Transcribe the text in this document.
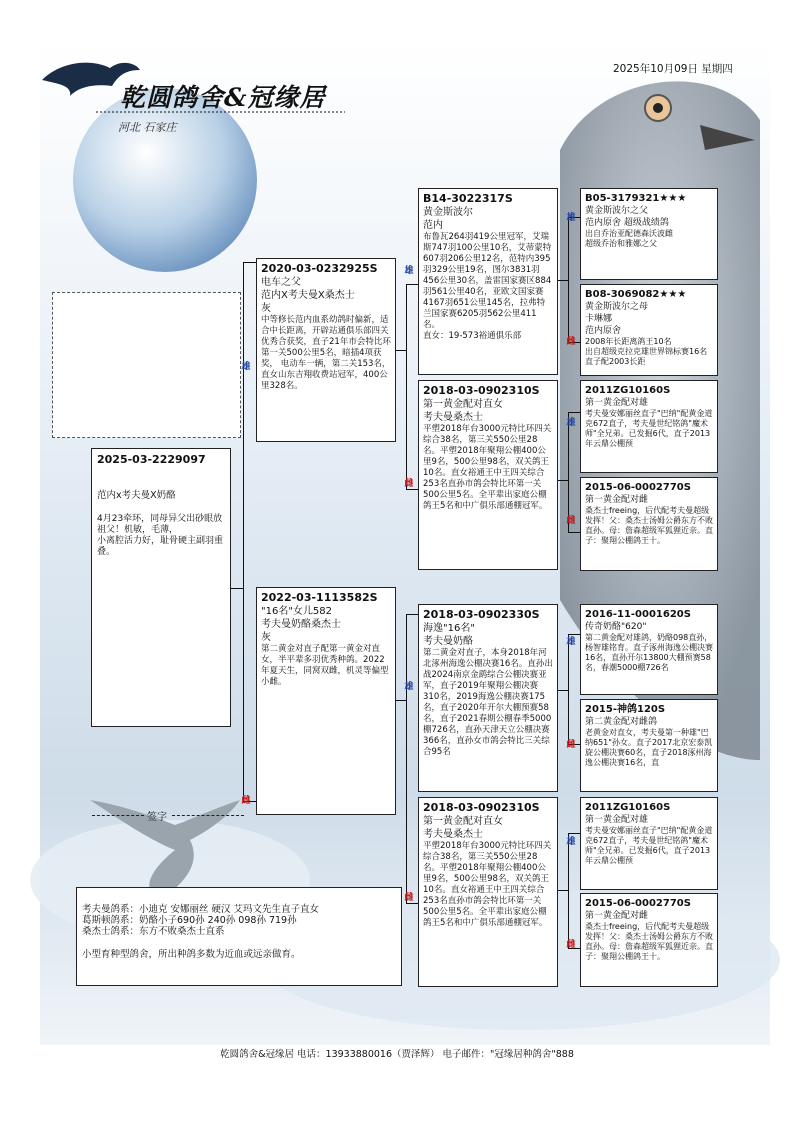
乾圆鸽舍&冠缘居
河北 石家庄
2025年10月09日 星期四
雄
雌
雄
雌
雄
雌
雄
雌
雄
雌
雄
雌
雄
雌
2025-03-2229097
范内x考夫曼X奶酪
4月23牵环，同母异父出砂眼放祖父！机敏，毛薄，
小离腔活力好，耻骨硬主副羽重叠。
2020-03-0232925S
电车之父
范内X考夫曼X桑杰士
灰
中等修长范内血系幼鸽时偏新，适合中长距离，开辟站通俱乐部四关优秀合获奖，直子21年市会特比环第一关500公里5名，暗插4项获奖， 电动车一辆，第二关153名，直女山东吉翔收费站冠军，400公里328名。
2022-03-1113582S
"16名"女儿582
考夫曼奶酪桑杰士
灰
第二黄金对直子配第一黄金对直女，半平辈多羽优秀种鸽。2022年夏天生，同窝双雌，机灵等偏型小雌。
B14-3022317S
黄金斯波尔
范内
布鲁瓦264羽419公里冠军，艾瑞斯747羽100公里10名，艾蒂蒙特607羽206公里12名，范特内395羽329公里19名，图尔3831羽456公里30名，盖雷国家赛区884羽561公里40名，亚欧文国家赛4167羽651公里145名，拉弗特兰国家赛6205羽562公里411名。
直女：19-573裕通俱乐部
2018-03-0902310S
第一黄金配对直女
考夫曼桑杰士
平塑2018年台3000元特比环四关综合38名，第三关550公里28名。平塑2018年聚翔公棚400公里9名，500公里98名，双关鸽王10名。直女裕通王中王四关综合253名直孙市鸽会特比环第一关500公里5名。全平辈出家庭公棚鸽王5名和中广俱乐部通棚冠军。
2018-03-0902330S
海逸"16名"
考夫曼奶酪
第二黄金对直子，本身2018年河北涿州海逸公棚决赛16名。直孙出战2024南京金鹞综合公棚决赛亚军，直子2019年聚翔公棚决赛310名，2019海逸公棚决赛175名，直子2020年开尔大棚预赛58名，直子2021春期公棚春季5000棚726名，直孙天津天立公棚决赛366名，直孙女市鸽会特比三关综合95名
2018-03-0902310S
第一黄金配对直女
考夫曼桑杰士
平塑2018年台3000元特比环四关综合38名，第三关550公里28名。平塑2018年聚翔公棚400公里9名，500公里98名，双关鸽王10名。直女裕通王中王四关综合253名直孙市鸽会特比环第一关500公里5名。全平辈出家庭公棚鸽王5名和中广俱乐部通棚冠军。
B05-3179321★★★
黄金斯波尔之父
范内原舍 超级战绩鸽
出自乔治亚配德森沃波雌
超级乔治和雅娜之父
B08-3069082★★★
黄金斯波尔之母
卡琳娜
范内原舍
2008年长距离鸽王10名
出自超级克拉克雄世界锦标赛16名直子配2003长距
2011ZG10160S
第一黄金配对雄
考夫曼安娜丽丝直子"巴纳"配黄金道克672直子，考夫曼世纪铭鸽"魔术师"全兄弟。已发掘6代，直子2013年云鼎公棚预
2015-06-0002770S
第一黄金配对雌
桑杰士freeing，后代配考夫曼超级发挥！父：桑杰士汤姆公爵东方不败直孙。母：詹森超级军狐狸近亲。直子：聚翔公棚鸽王十。
2016-11-0001620S
传奇奶酪"620"
第二黄金配对雄鸽，奶酪098直孙，杨智雄铭育。直子涿州海逸公棚决赛16名，直孙开尔13800大棚预赛58名，春潮5000棚726名
2015-神鸽120S
第二黄金配对雌鸽
老黄金对直女，考夫曼第一种雄"巴纳651"孙女。直子2017北京宏泰凯旋公棚决赛60名，直子2018涿州海逸公棚决赛16名，直
2011ZG10160S
第一黄金配对雄
考夫曼安娜丽丝直子"巴纳"配黄金道克672直子，考夫曼世纪铭鸽"魔术师"全兄弟。已发掘6代，直子2013年云鼎公棚预
2015-06-0002770S
第一黄金配对雌
桑杰士freeing，后代配考夫曼超级发挥！父：桑杰士汤姆公爵东方不败直孙。母：詹森超级军狐狸近亲。直子：聚翔公棚鸽王十。
签字
考夫曼鸽系：小迪克 安娜丽丝 硬汉 艾玛文先生直子直女
葛斯顿鸽系：奶酪小子690孙 240孙 098孙 719孙
桑杰士鸽系：东方不败桑杰士直系
小型育种型鸽舍，所出种鸽多数为近血或远亲做育。
乾圆鸽舍&冠缘居 电话：13933880016（贾泽辉） 电子邮件："冠缘居种鸽舍"888
